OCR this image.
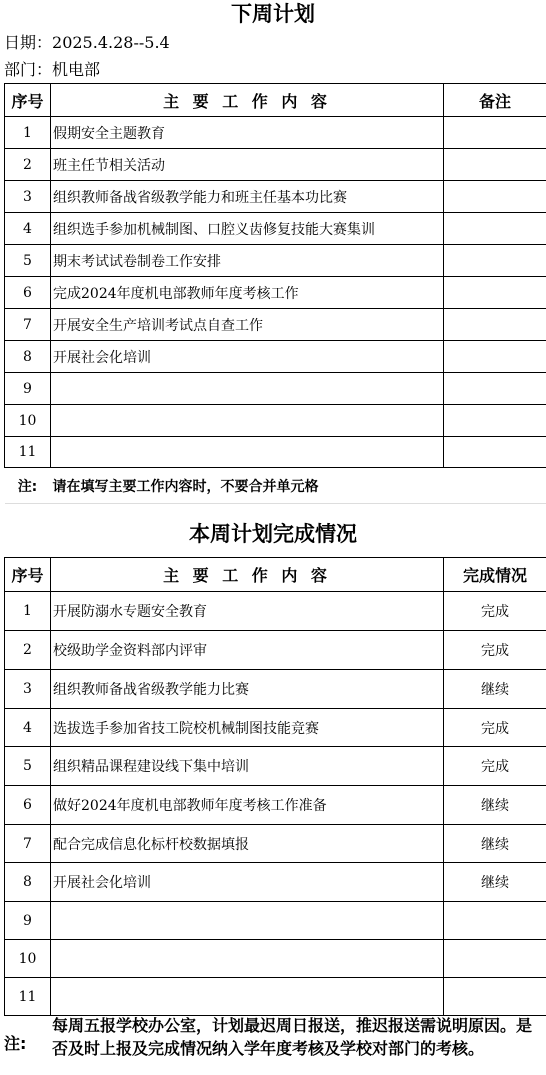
下周计划
日期：2025.4.28--5.4
部门：机电部
序号	主 要 工 作 内 容	备注
1	假期安全主题教育	
2	班主任节相关活动	
3	组织教师备战省级教学能力和班主任基本功比赛	
4	组织选手参加机械制图、口腔义齿修复技能大赛集训	
5	期末考试试卷制卷工作安排	
6	完成2024年度机电部教师年度考核工作	
7	开展安全生产培训考试点自查工作	
8	开展社会化培训	
9		
10		
11		
注:	请在填写主要工作内容时，不要合并单元格	
本周计划完成情况
序号	主 要 工 作 内 容	完成情况
1	开展防溺水专题安全教育	完成
2	校级助学金资料部内评审	完成
3	组织教师备战省级教学能力比赛	继续
4	选拔选手参加省技工院校机械制图技能竞赛	完成
5	组织精品课程建设线下集中培训	完成
6	做好2024年度机电部教师年度考核工作准备	继续
7	配合完成信息化标杆校数据填报	继续
8	开展社会化培训	继续
9		
10		
11		
注:
每周五报学校办公室，计划最迟周日报送，推迟报送需说明原因。是否及时上报及完成情况纳入学年度考核及学校对部门的考核。
